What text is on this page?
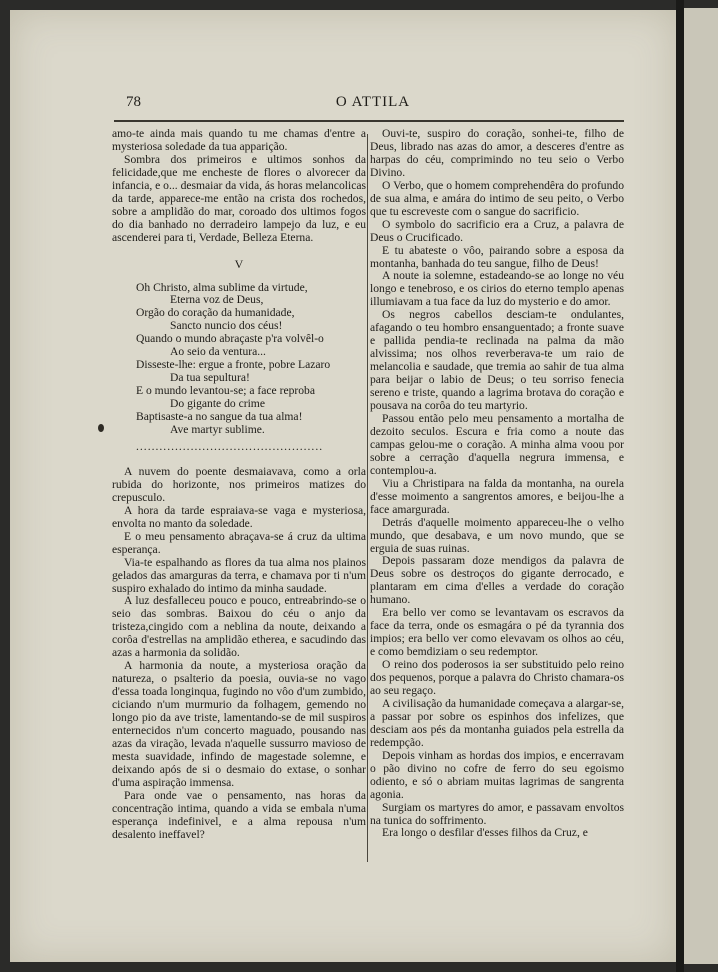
78	O ATTILA

amo-te ainda mais quando tu me chamas d'entre a mysteriosa soledade da tua apparição.

Sombra dos primeiros e ultimos sonhos da felicidade,que me encheste de flores o alvorecer da infancia, e o... desmaiar da vida, ás horas melancolicas da tarde, apparece-me então na crista dos rochedos, sobre a amplidão do mar, coroado dos ultimos fogos do dia banhado no derradeiro lampejo da luz, e eu ascenderei para ti, Verdade, Belleza Eterna.

V
Oh Christo, alma sublime da virtude,
Eterna voz de Deus,
Orgão do coração da humanidade,
Sancto nuncio dos céus!
Quando o mundo abraçaste p'ra volvêl-o
Ao seio da ventura...
Disseste-lhe: ergue a fronte, pobre Lazaro
Da tua sepultura!
E o mundo levantou-se; a face reproba
Do gigante do crime
Baptisaste-a no sangue da tua alma!
Ave martyr sublime.
................................................

A nuvem do poente desmaiavava, como a orla rubida do horizonte, nos primeiros matizes do crepusculo.

A hora da tarde espraiava-se vaga e mysteriosa, envolta no manto da soledade.

E o meu pensamento abraçava-se á cruz da ultima esperança.

Via-te espalhando as flores da tua alma nos plainos gelados das amarguras da terra, e chamava por ti n'um suspiro exhalado do intimo da minha saudade.

A luz desfalleceu pouco e pouco, entreabrindo-se o seio das sombras. Baixou do céu o anjo da tristeza,cingido com a neblina da noute, deixando a corôa d'estrellas na amplidão etherea, e sacudindo das azas a harmonia da solidão.

A harmonia da noute, a mysteriosa oração da natureza, o psalterio da poesia, ouvia-se no vago d'essa toada longinqua, fugindo no vôo d'um zumbido, ciciando n'um murmurio da folhagem, gemendo no longo pio da ave triste, lamentando-se de mil suspiros enternecidos n'um concerto maguado, pousando nas azas da viração, levada n'aquelle sussurro mavioso de mesta suavidade, infindo de magestade solemne, e deixando após de si o desmaio do extase, o sonhar d'uma aspiração immensa.

Para onde vae o pensamento, nas horas da concentração intima, quando a vida se embala n'uma esperança indefinivel, e a alma repousa n'um desalento ineffavel?

Ouvi-te, suspiro do coração, sonhei-te, filho de Deus, librado nas azas do amor, a desceres d'entre as harpas do céu, comprimindo no teu seio o Verbo Divino.

O Verbo, que o homem comprehendêra do profundo de sua alma, e amára do intimo de seu peito, o Verbo que tu escreveste com o sangue do sacrificio.

O symbolo do sacrificio era a Cruz, a palavra de Deus o Crucificado.

E tu abateste o vôo, pairando sobre a esposa da montanha, banhada do teu sangue, filho de Deus!

A noute ia solemne, estadeando-se ao longe no véu longo e tenebroso, e os cirios do eterno templo apenas illumiavam a tua face da luz do mysterio e do amor.

Os negros cabellos desciam-te ondulantes, afagando o teu hombro ensanguentado; a fronte suave e pallida pendia-te reclinada na palma da mão alvissima; nos olhos reverberava-te um raio de melancolia e saudade, que tremia ao sahir de tua alma para beijar o labio de Deus; o teu sorriso fenecia sereno e triste, quando a lagrima brotava do coração e pousava na corôa do teu martyrio.

Passou então pelo meu pensamento a mortalha de dezoito seculos. Escura e fria como a noute das campas gelou-me o coração. A minha alma voou por sobre a cerração d'aquella negrura immensa, e contemplou-a.

Viu a Christipara na falda da montanha, na ourela d'esse moimento a sangrentos amores, e beijou-lhe a face amargurada.

Detrás d'aquelle moimento appareceu-lhe o velho mundo, que desabava, e um novo mundo, que se erguia de suas ruinas.

Depois passaram doze mendigos da palavra de Deus sobre os destroços do gigante derrocado, e plantaram em cima d'elles a verdade do coração humano.

Era bello ver como se levantavam os escravos da face da terra, onde os esmagára o pé da tyrannia dos impios; era bello ver como elevavam os olhos ao céu, e como bemdiziam o seu redemptor.

O reino dos poderosos ia ser substituido pelo reino dos pequenos, porque a palavra do Christo chamara-os ao seu regaço.

A civilisação da humanidade começava a alargar-se, a passar por sobre os espinhos dos infelizes, que desciam aos pés da montanha guiados pela estrella da redempção.

Depois vinham as hordas dos impios, e encerravam o pão divino no cofre de ferro do seu egoismo odiento, e só o abriam muitas lagrimas de sangrenta agonia.

Surgiam os martyres do amor, e passavam envoltos na tunica do soffrimento.

Era longo o desfilar d'esses filhos da Cruz, e
